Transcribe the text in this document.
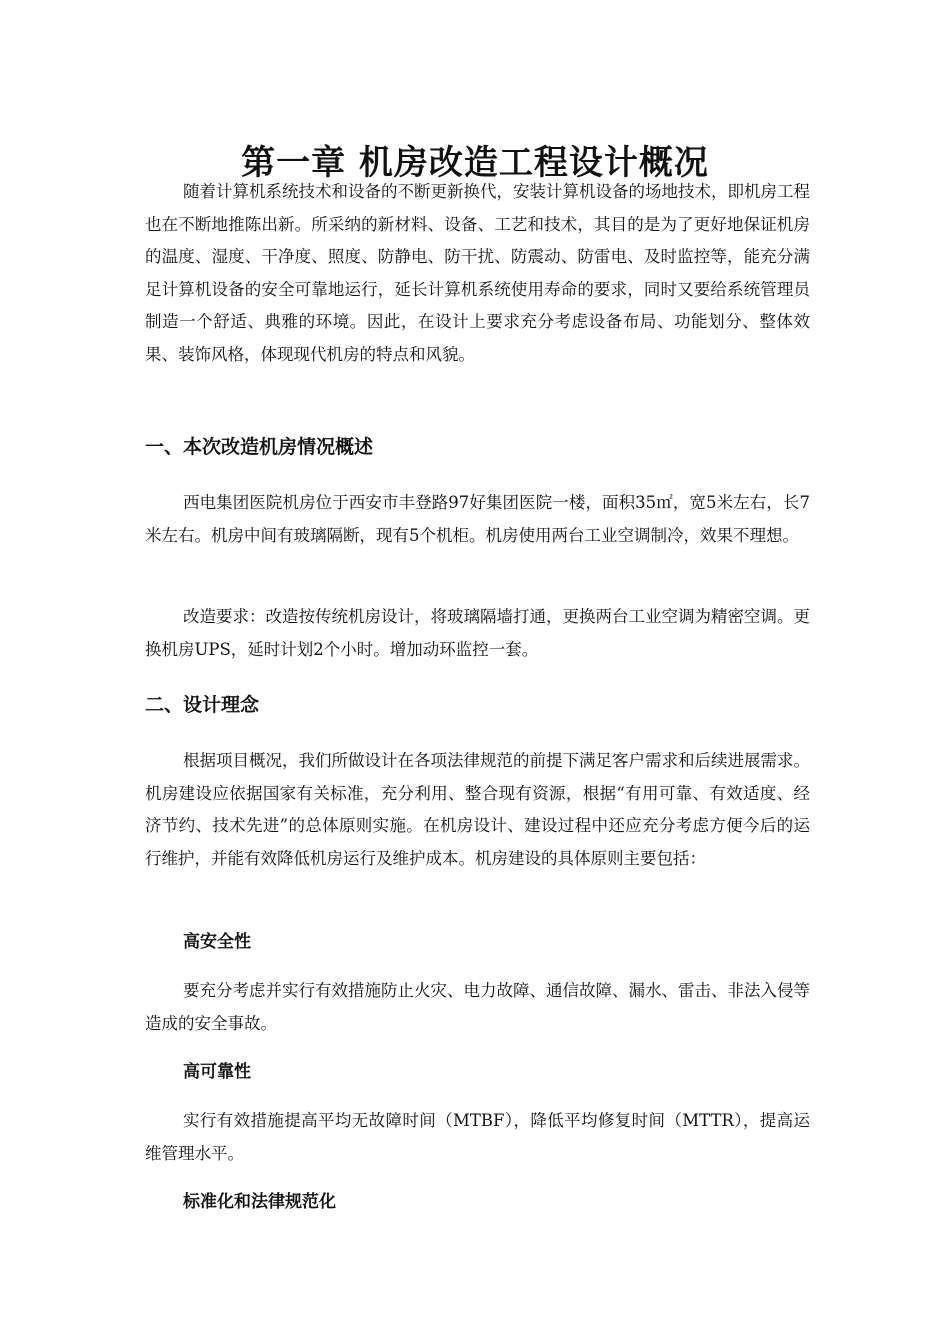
第一章 机房改造工程设计概况

随着计算机系统技术和设备的不断更新换代，安装计算机设备的场地技术，即机房工程也在不断地推陈出新。所采纳的新材料、设备、工艺和技术，其目的是为了更好地保证机房的温度、湿度、干净度、照度、防静电、防干扰、防震动、防雷电、及时监控等，能充分满足计算机设备的安全可靠地运行，延长计算机系统使用寿命的要求，同时又要给系统管理员制造一个舒适、典雅的环境。因此，在设计上要求充分考虑设备布局、功能划分、整体效果、装饰风格，体现现代机房的特点和风貌。

一、本次改造机房情况概述

西电集团医院机房位于西安市丰登路97好集团医院一楼，面积35㎡，宽5米左右，长7米左右。机房中间有玻璃隔断，现有5个机柜。机房使用两台工业空调制冷，效果不理想。

改造要求：改造按传统机房设计，将玻璃隔墙打通，更换两台工业空调为精密空调。更换机房UPS，延时计划2个小时。增加动环监控一套。

二、设计理念

根据项目概况，我们所做设计在各项法律规范的前提下满足客户需求和后续进展需求。机房建设应依据国家有关标准，充分利用、整合现有资源，根据“有用可靠、有效适度、经济节约、技术先进”的总体原则实施。在机房设计、建设过程中还应充分考虑方便今后的运行维护，并能有效降低机房运行及维护成本。机房建设的具体原则主要包括：

高安全性

要充分考虑并实行有效措施防止火灾、电力故障、通信故障、漏水、雷击、非法入侵等造成的安全事故。

高可靠性

实行有效措施提高平均无故障时间（MTBF），降低平均修复时间（MTTR），提高运维管理水平。

标准化和法律规范化
